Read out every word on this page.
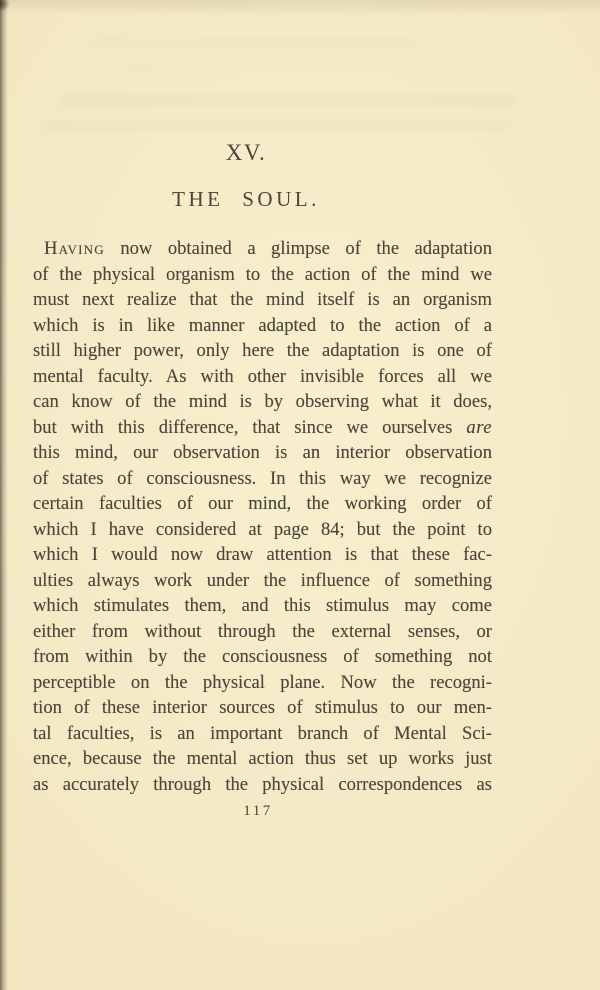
XV.
THE SOUL.
Having now obtained a glimpse of the adaptation
of the physical organism to the action of the mind we
must next realize that the mind itself is an organism
which is in like manner adapted to the action of a
still higher power, only here the adaptation is one of
mental faculty. As with other invisible forces all we
can know of the mind is by observing what it does,
but with this difference, that since we ourselves are
this mind, our observation is an interior observation
of states of consciousness. In this way we recognize
certain faculties of our mind, the working order of
which I have considered at page 84; but the point to
which I would now draw attention is that these fac-
ulties always work under the influence of something
which stimulates them, and this stimulus may come
either from without through the external senses, or
from within by the consciousness of something not
perceptible on the physical plane. Now the recogni-
tion of these interior sources of stimulus to our men-
tal faculties, is an important branch of Mental Sci-
ence, because the mental action thus set up works just
as accurately through the physical correspondences as
117
